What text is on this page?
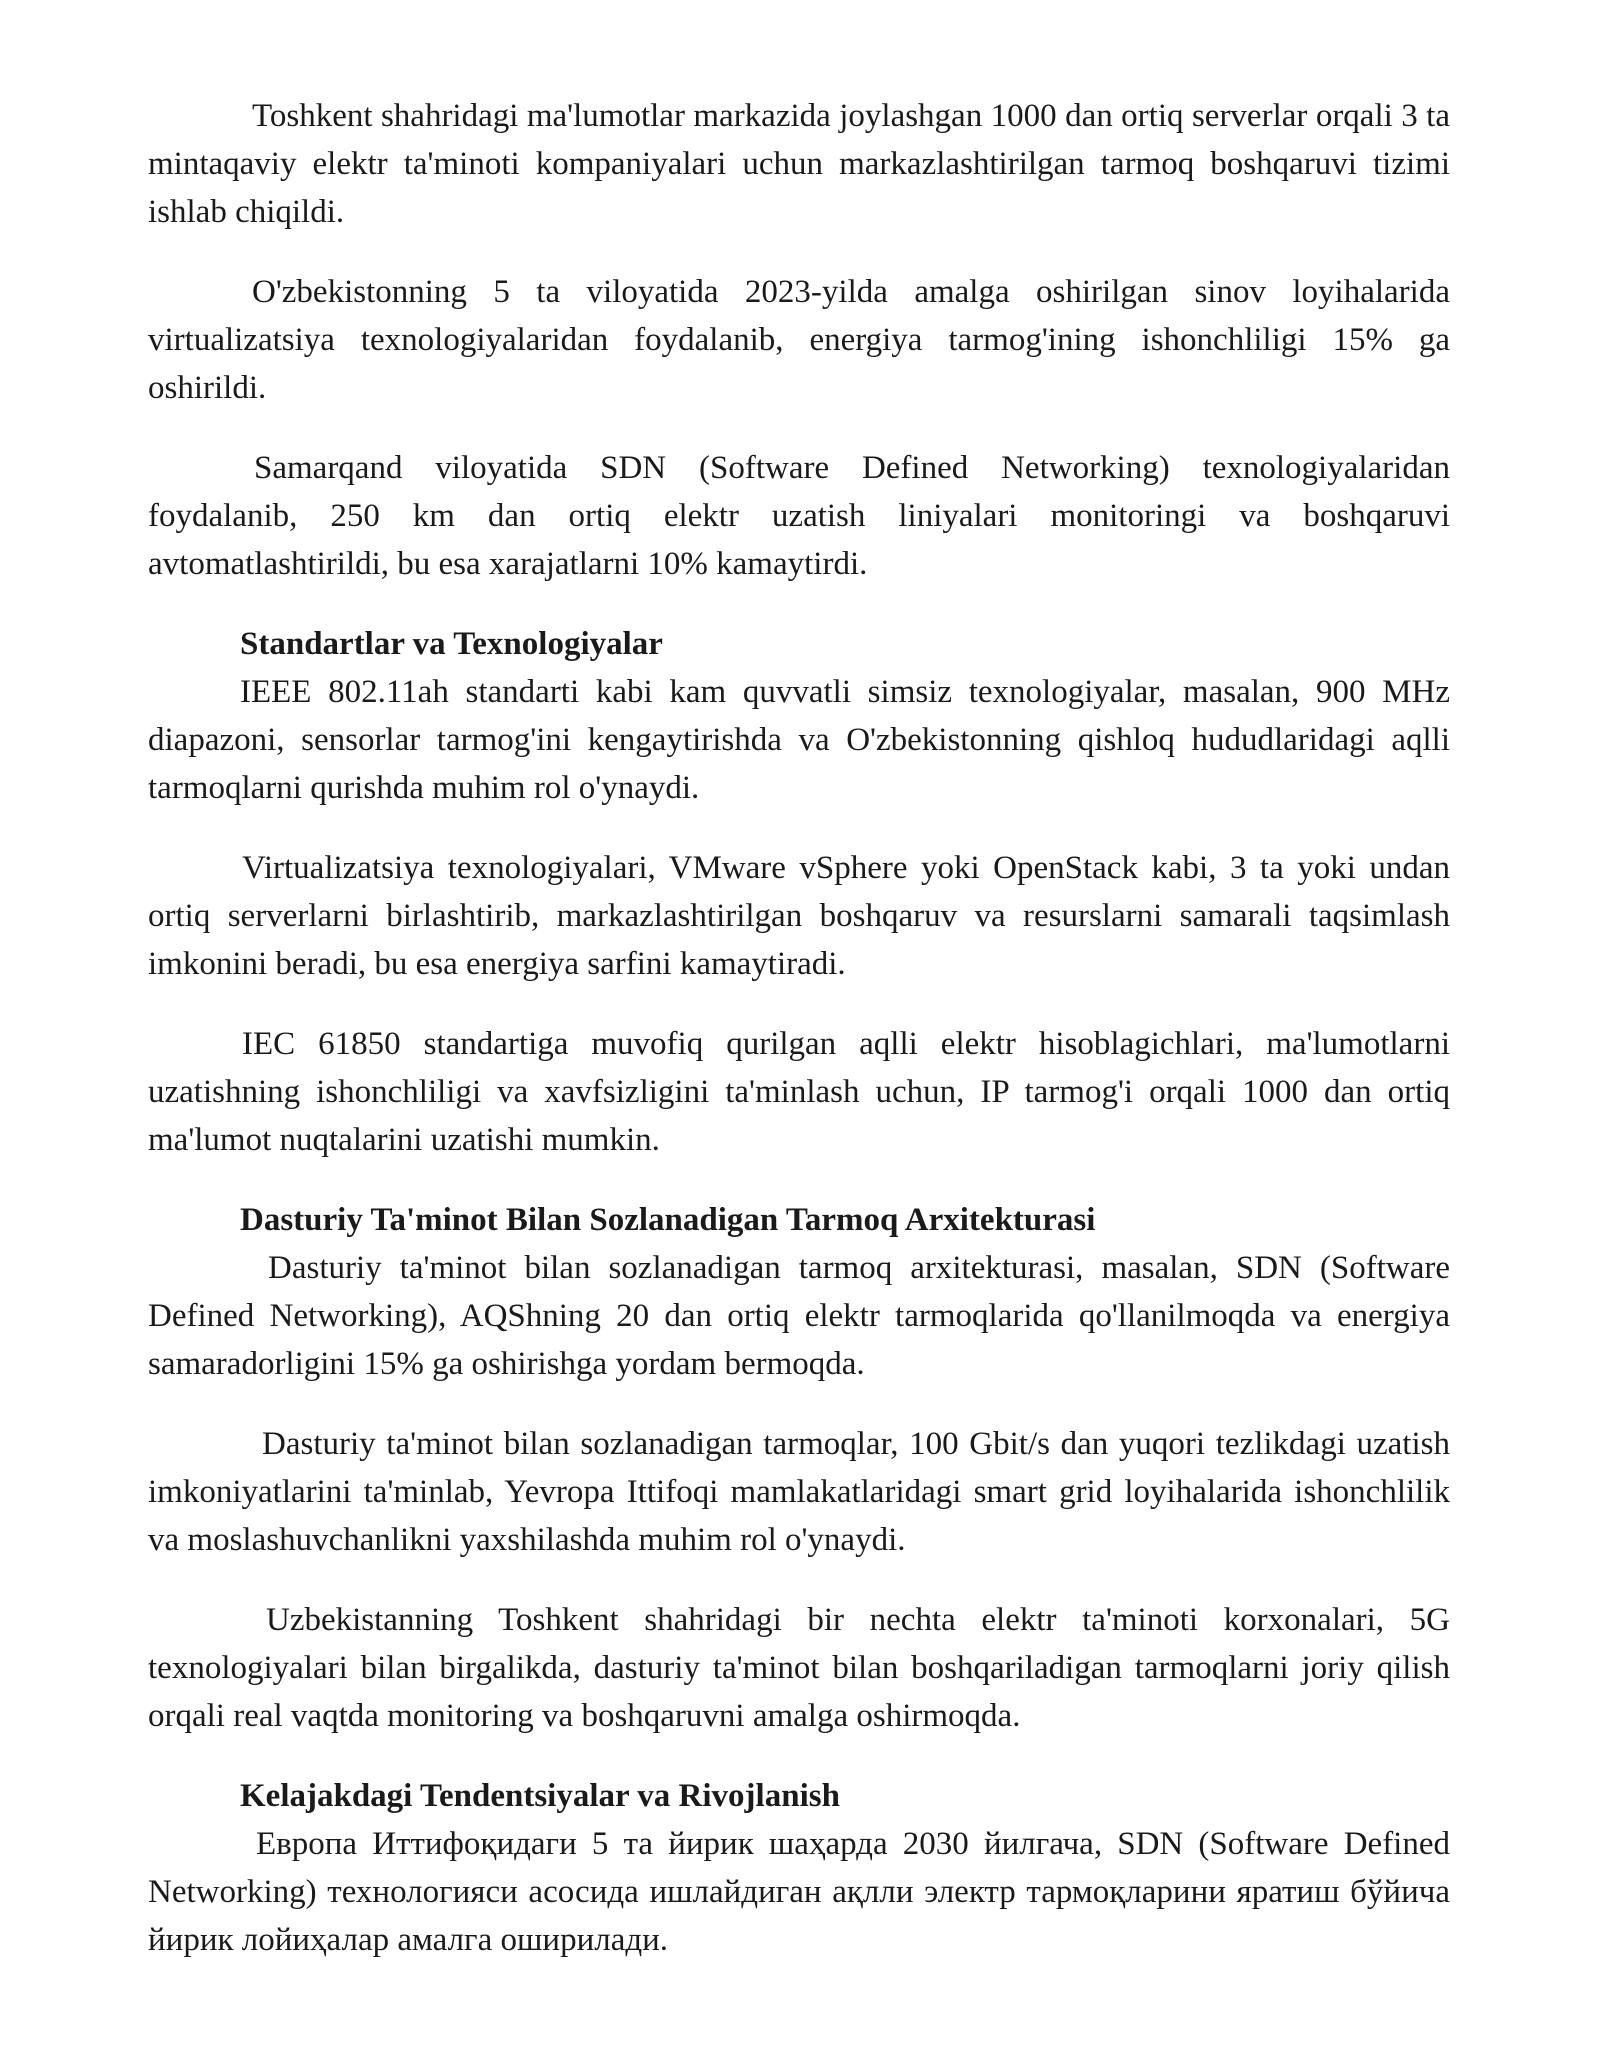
Toshkent shahridagi ma'lumotlar markazida joylashgan 1000 dan ortiq serverlar orqali 3 ta mintaqaviy elektr ta'minoti kompaniyalari uchun markazlashtirilgan tarmoq boshqaruvi tizimi ishlab chiqildi.

O'zbekistonning 5 ta viloyatida 2023-yilda amalga oshirilgan sinov loyihalarida virtualizatsiya texnologiyalaridan foydalanib, energiya tarmog'ining ishonchliligi 15% ga oshirildi.

Samarqand viloyatida SDN (Software Defined Networking) texnologiyalaridan foydalanib, 250 km dan ortiq elektr uzatish liniyalari monitoringi va boshqaruvi avtomatlashtirildi, bu esa xarajatlarni 10% kamaytirdi.

Standartlar va Texnologiyalar

IEEE 802.11ah standarti kabi kam quvvatli simsiz texnologiyalar, masalan, 900 MHz diapazoni, sensorlar tarmog'ini kengaytirishda va O'zbekistonning qishloq hududlaridagi aqlli tarmoqlarni qurishda muhim rol o'ynaydi.

Virtualizatsiya texnologiyalari, VMware vSphere yoki OpenStack kabi, 3 ta yoki undan ortiq serverlarni birlashtirib, markazlashtirilgan boshqaruv va resurslarni samarali taqsimlash imkonini beradi, bu esa energiya sarfini kamaytiradi.

IEC 61850 standartiga muvofiq qurilgan aqlli elektr hisoblagichlari, ma'lumotlarni uzatishning ishonchliligi va xavfsizligini ta'minlash uchun, IP tarmog'i orqali 1000 dan ortiq ma'lumot nuqtalarini uzatishi mumkin.

Dasturiy Ta'minot Bilan Sozlanadigan Tarmoq Arxitekturasi

Dasturiy ta'minot bilan sozlanadigan tarmoq arxitekturasi, masalan, SDN (Software Defined Networking), AQShning 20 dan ortiq elektr tarmoqlarida qo'llanilmoqda va energiya samaradorligini 15% ga oshirishga yordam bermoqda.

Dasturiy ta'minot bilan sozlanadigan tarmoqlar, 100 Gbit/s dan yuqori tezlikdagi uzatish imkoniyatlarini ta'minlab, Yevropa Ittifoqi mamlakatlaridagi smart grid loyihalarida ishonchlilik va moslashuvchanlikni yaxshilashda muhim rol o'ynaydi.

Uzbekistanning Toshkent shahridagi bir nechta elektr ta'minoti korxonalari, 5G texnologiyalari bilan birgalikda, dasturiy ta'minot bilan boshqariladigan tarmoqlarni joriy qilish orqali real vaqtda monitoring va boshqaruvni amalga oshirmoqda.

Kelajakdagi Tendentsiyalar va Rivojlanish

Европа Иттифоқидаги 5 та йирик шаҳарда 2030 йилгача, SDN (Software Defined Networking) технологияси асосида ишлайдиган ақлли электр тармоқларини яратиш бўйича йирик лойиҳалар амалга оширилади.
